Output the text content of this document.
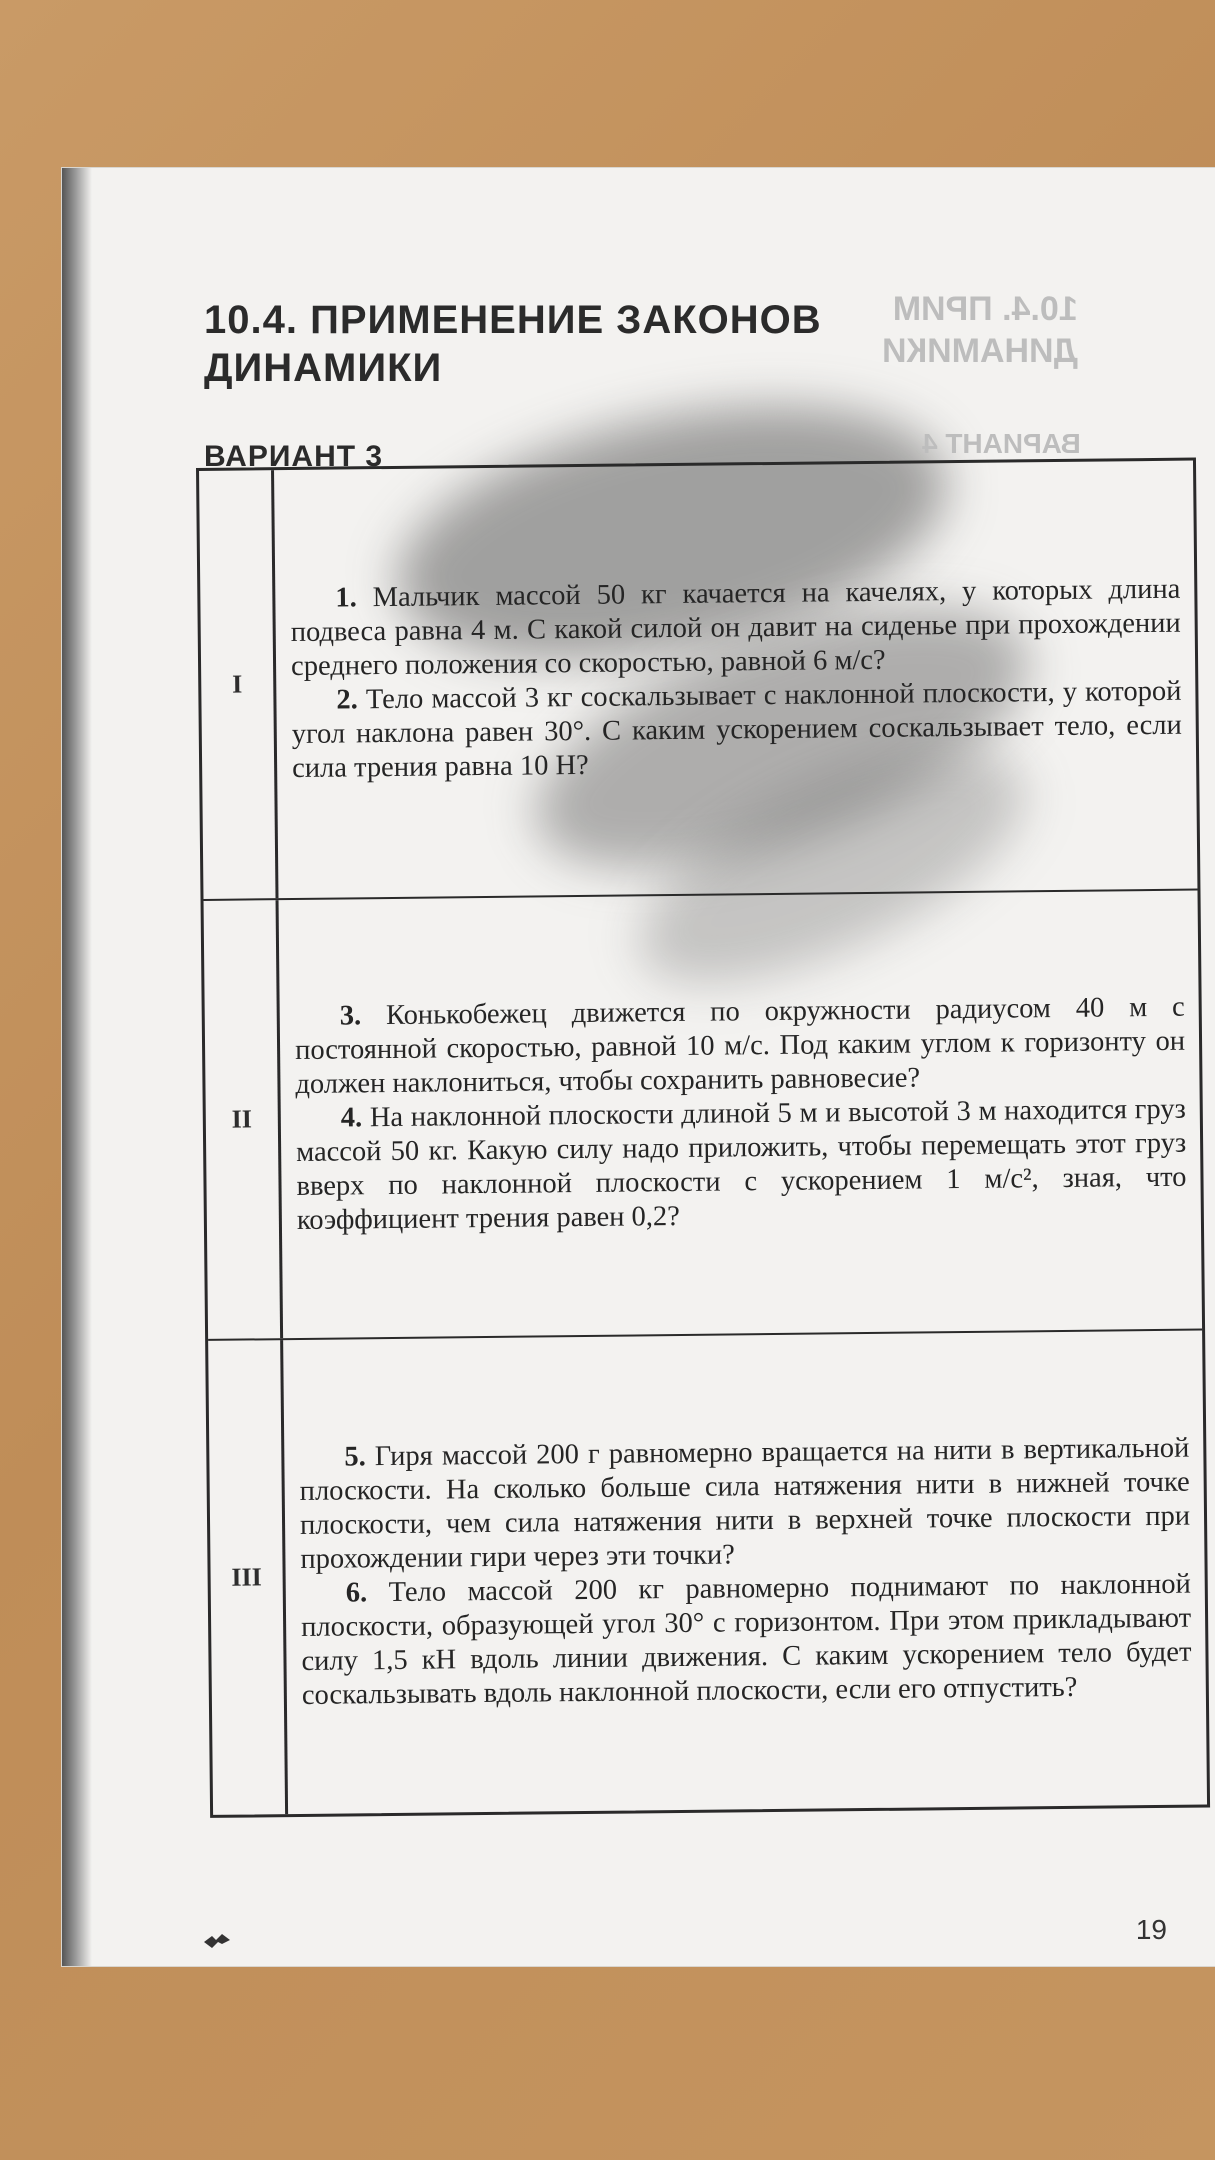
10.4. ПРИМ
ДИНАМИКИ
ВАРИАНТ 4
10.4. ПРИМЕНЕНИЕ ЗАКОНОВ ДИНАМИКИ
ВАРИАНТ 3
I

1. Мальчик массой 50 кг качается на качелях, у которых длина подвеса равна 4 м. С какой силой он давит на сиденье при прохождении среднего положения со скоростью, равной 6 м/с?

2. Тело массой 3 кг соскальзывает с наклонной плоскости, у которой угол наклона равен 30°. С каким ускорением соскальзывает тело, если сила трения равна 10 Н?

II

3. Конькобежец движется по окружности радиусом 40 м с постоянной скоростью, равной 10 м/с. Под каким углом к горизонту он должен наклониться, чтобы сохранить равновесие?

4. На наклонной плоскости длиной 5 м и высотой 3 м находится груз массой 50 кг. Какую силу надо приложить, чтобы перемещать этот груз вверх по наклонной плоскости с ускорением 1 м/с², зная, что коэффициент трения равен 0,2?

III

5. Гиря массой 200 г равномерно вращается на нити в вертикальной плоскости. На сколько больше сила натяжения нити в нижней точке плоскости, чем сила натяжения нити в верхней точке плоскости при прохождении гири через эти точки?

6. Тело массой 200 кг равномерно поднимают по наклонной плоскости, образующей угол 30° с горизонтом. При этом прикладывают силу 1,5 кН вдоль линии движения. С каким ускорением тело будет соскальзывать вдоль наклонной плоскости, если его отпустить?

19
